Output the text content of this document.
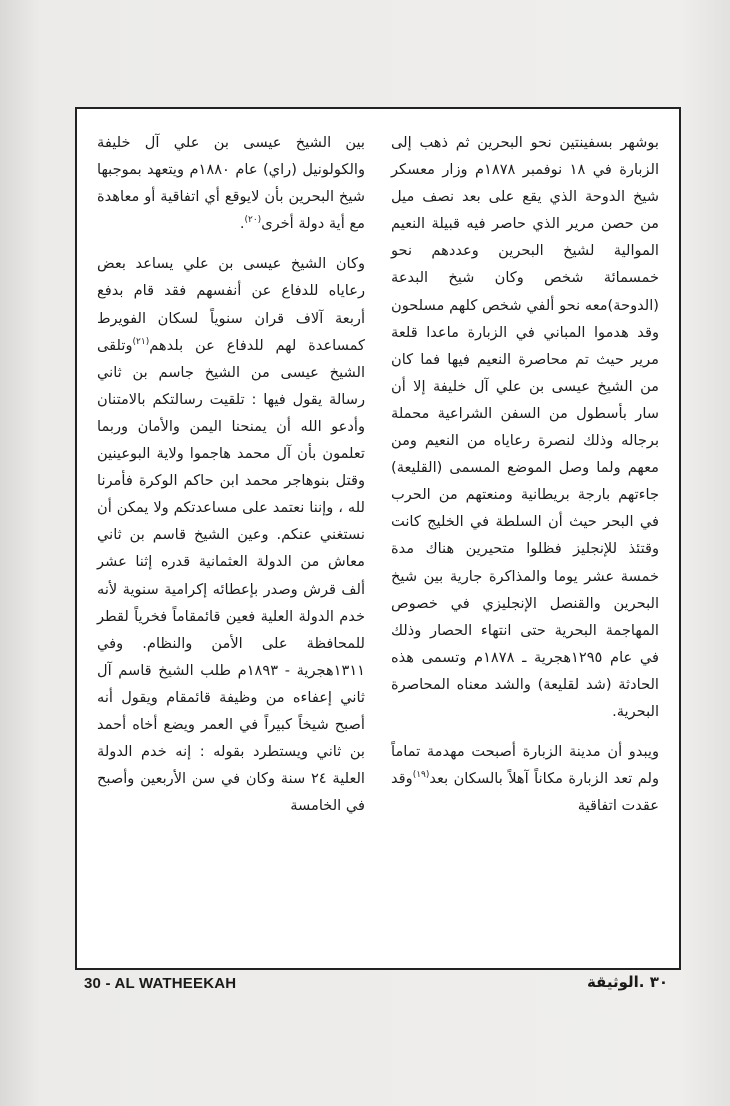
بوشهر بسفينتين نحو البحرين ثم ذهب إلى الزبارة في ١٨ نوفمبر ١٨٧٨م وزار معسكر شيخ الدوحة الذي يقع على بعد نصف ميل من حصن مرير الذي حاصر فيه قبيلة النعيم الموالية لشيخ البحرين وعددهم نحو خمسمائة شخص وكان شيخ البدعة (الدوحة)معه نحو ألفي شخص كلهم مسلحون وقد هدموا المباني في الزبارة ماعدا قلعة مرير حيث تم محاصرة النعيم فيها فما كان من الشيخ عيسى بن علي آل خليفة إلا أن سار بأسطول من السفن الشراعية محملة برجاله وذلك لنصرة رعاياه من النعيم ومن معهم ولما وصل الموضع المسمى (القليعة) جاءتهم بارجة بريطانية ومنعتهم من الحرب في البحر حيث أن السلطة في الخليج كانت وقتئذ للإنجليز فظلوا متحيرين هناك مدة خمسة عشر يوما والمذاكرة جارية بين شيخ البحرين والقنصل الإنجليزي في خصوص المهاجمة البحرية حتى انتهاء الحصار وذلك في عام ١٢٩٥هجرية ـ ١٨٧٨م وتسمى هذه الحادثة (شد لقليعة) والشد معناه المحاصرة البحرية.

ويبدو أن مدينة الزبارة أصبحت مهدمة تماماً ولم تعد الزبارة مكاناً آهلاً بالسكان بعد$^{(١٩)}$وقد عقدت اتفاقية

بين الشيخ عيسى بن علي آل خليفة والكولونيل (راي) عام ١٨٨٠م ويتعهد بموجبها شيخ البحرين بأن لايوقع أي اتفاقية أو معاهدة مع أية دولة أخرى$^{(٢٠)}$.

وكان الشيخ عيسى بن علي يساعد بعض رعاياه للدفاع عن أنفسهم فقد قام بدفع أربعة آلاف قران سنوياً لسكان الفويرط كمساعدة لهم للدفاع عن بلدهم$^{(٢١)}$وتلقى الشيخ عيسى من الشيخ جاسم بن ثاني رسالة يقول فيها : تلقيت رسالتكم بالامتنان وأدعو الله أن يمنحنا اليمن والأمان وربما تعلمون بأن آل محمد هاجموا ولاية البوعينين وقتل بنوهاجر محمد ابن حاكم الوكرة فأمرنا لله ، وإننا نعتمد على مساعدتكم ولا يمكن أن نستغني عنكم. وعين الشيخ قاسم بن ثاني معاش من الدولة العثمانية قدره إثنا عشر ألف قرش وصدر بإعطائه إكرامية سنوية لأنه خدم الدولة العلية فعين قائمقاماً فخرياً لقطر للمحافظة على الأمن والنظام. وفي ١٣١١هجرية - ١٨٩٣م طلب الشيخ قاسم آل ثاني إعفاءه من وظيفة قائمقام ويقول أنه أصبح شيخاً كبيراً في العمر ويضع أخاه أحمد بن ثاني ويستطرد بقوله : إنه خدم الدولة العلية ٢٤ سنة وكان في سن الأربعين وأصبح في الخامسة

30 - AL WATHEEKAH	٣٠ .الوثيقة
